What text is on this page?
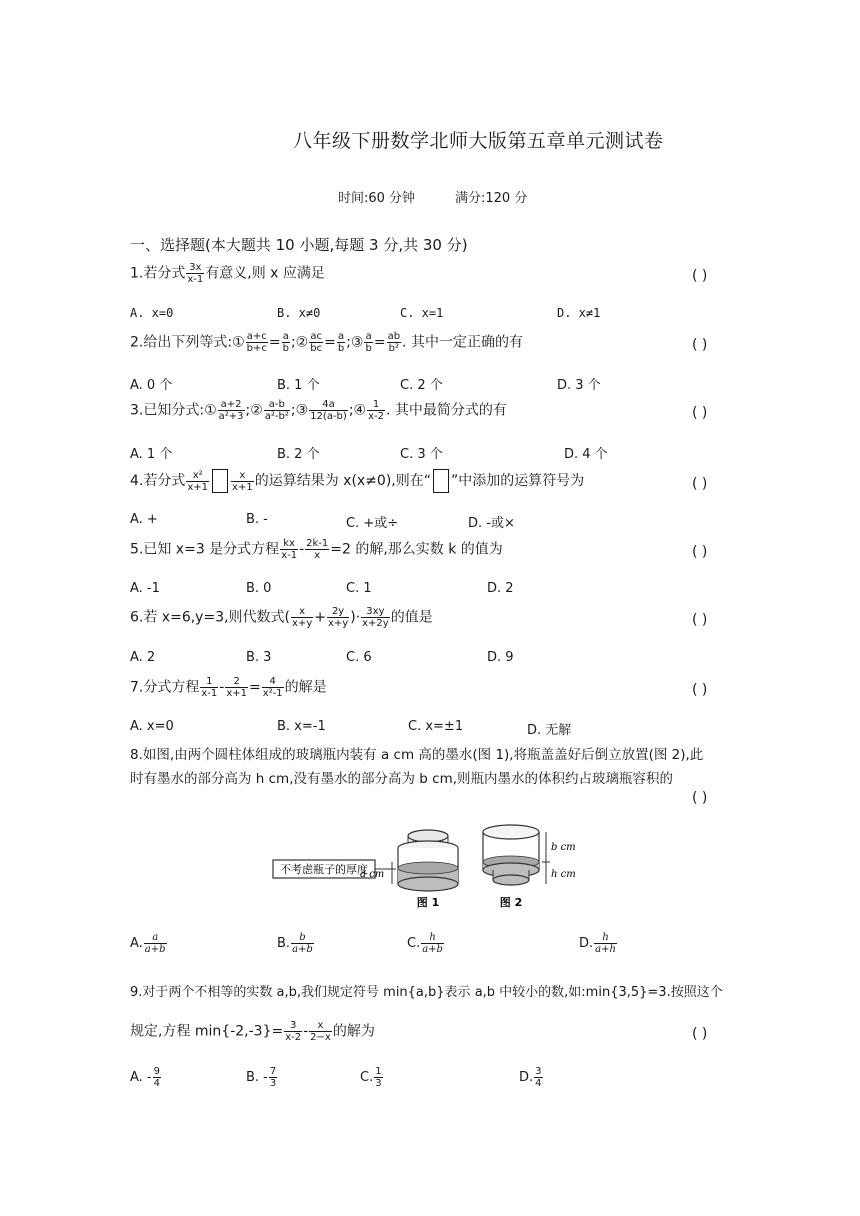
八年级下册数学北师大版第五章单元测试卷
时间:60 分钟	满分:120 分
一、选择题(本大题共 10 小题,每题 3 分,共 30 分)
1.若分式 $\frac{3x}{x-1}$ 有意义,则 x 应满足	( )
A. x=0	B. x≠0	C. x=1	D. x≠1
2.给出下列等式:① $\frac{a+c}{b+c} = \frac{a}{b}$ ;② $\frac{ac}{bc} = \frac{a}{b}$ ;③ $\frac{a}{b} = \frac{ab}{\text{b²}}$ . 其中一定正确的有	( )
A. 0 个	B. 1 个	C. 2 个	D. 3 个
3.已知分式:① $\frac{a+2}{\text{a²+3}}$ ;② $\frac{a-b}{\text{a²-b²}}$ ;③ $\frac{4a}{12(a-b)}$ ;④ $\frac{1}{x-2}$ . 其中最简分式的有	( )
A. 1 个	B. 2 个	C. 3 个	D. 4 个
4.若分式 $\frac{\text{x²}}{x+1} \frac{x}{x+1}$ 的运算结果为 x(x≠0),则在“ ”中添加的运算符号为	( )
A. +	B. -	C. +或÷	D. -或×
5.已知 x=3 是分式方程 $\frac{kx}{x-1} - \frac{2k-1}{x} =2$ 的解,那么实数 k 的值为	( )
A. -1	B. 0	C. 1	D. 2
6.若 x=6,y=3,则代数式( $\frac{x}{x+y} + \frac{2y}{x+y}$ )· $\frac{3xy}{x+2y}$ 的值是	( )
A. 2	B. 3	C. 6	D. 9
7.分式方程 $\frac{1}{x-1} - \frac{2}{x+1} = \frac{4}{\text{x²-1}}$ 的解是	( )
A. x=0	B. x=-1	C. x=±1	D. 无解
8.如图,由两个圆柱体组成的玻璃瓶内装有 a cm 高的墨水(图 1),将瓶盖盖好后倒立放置(图 2),此
时有墨水的部分高为 h cm,没有墨水的部分高为 b cm,则瓶内墨水的体积约占玻璃瓶容积的
( )
不考虑瓶子的厚度
a cm
图 1
b cm
h cm
图 2
A. $\frac{a}{a+b}$	B. $\frac{b}{a+b}$	C. $\frac{h}{a+b}$	D. $\frac{h}{a+h}$
9.对于两个不相等的实数 a,b,我们规定符号 min{a,b}表示 a,b 中较小的数,如:min{3,5}=3.按照这个
规定,方程 $\min\{-2,-3\}= \frac{3}{x-2} - \frac{x}{2-x}$ 的解为	( )
A. - $\frac{9}{4}$	B. - $\frac{7}{3}$	C. $\frac{1}{3}$	D. $\frac{3}{4}$
